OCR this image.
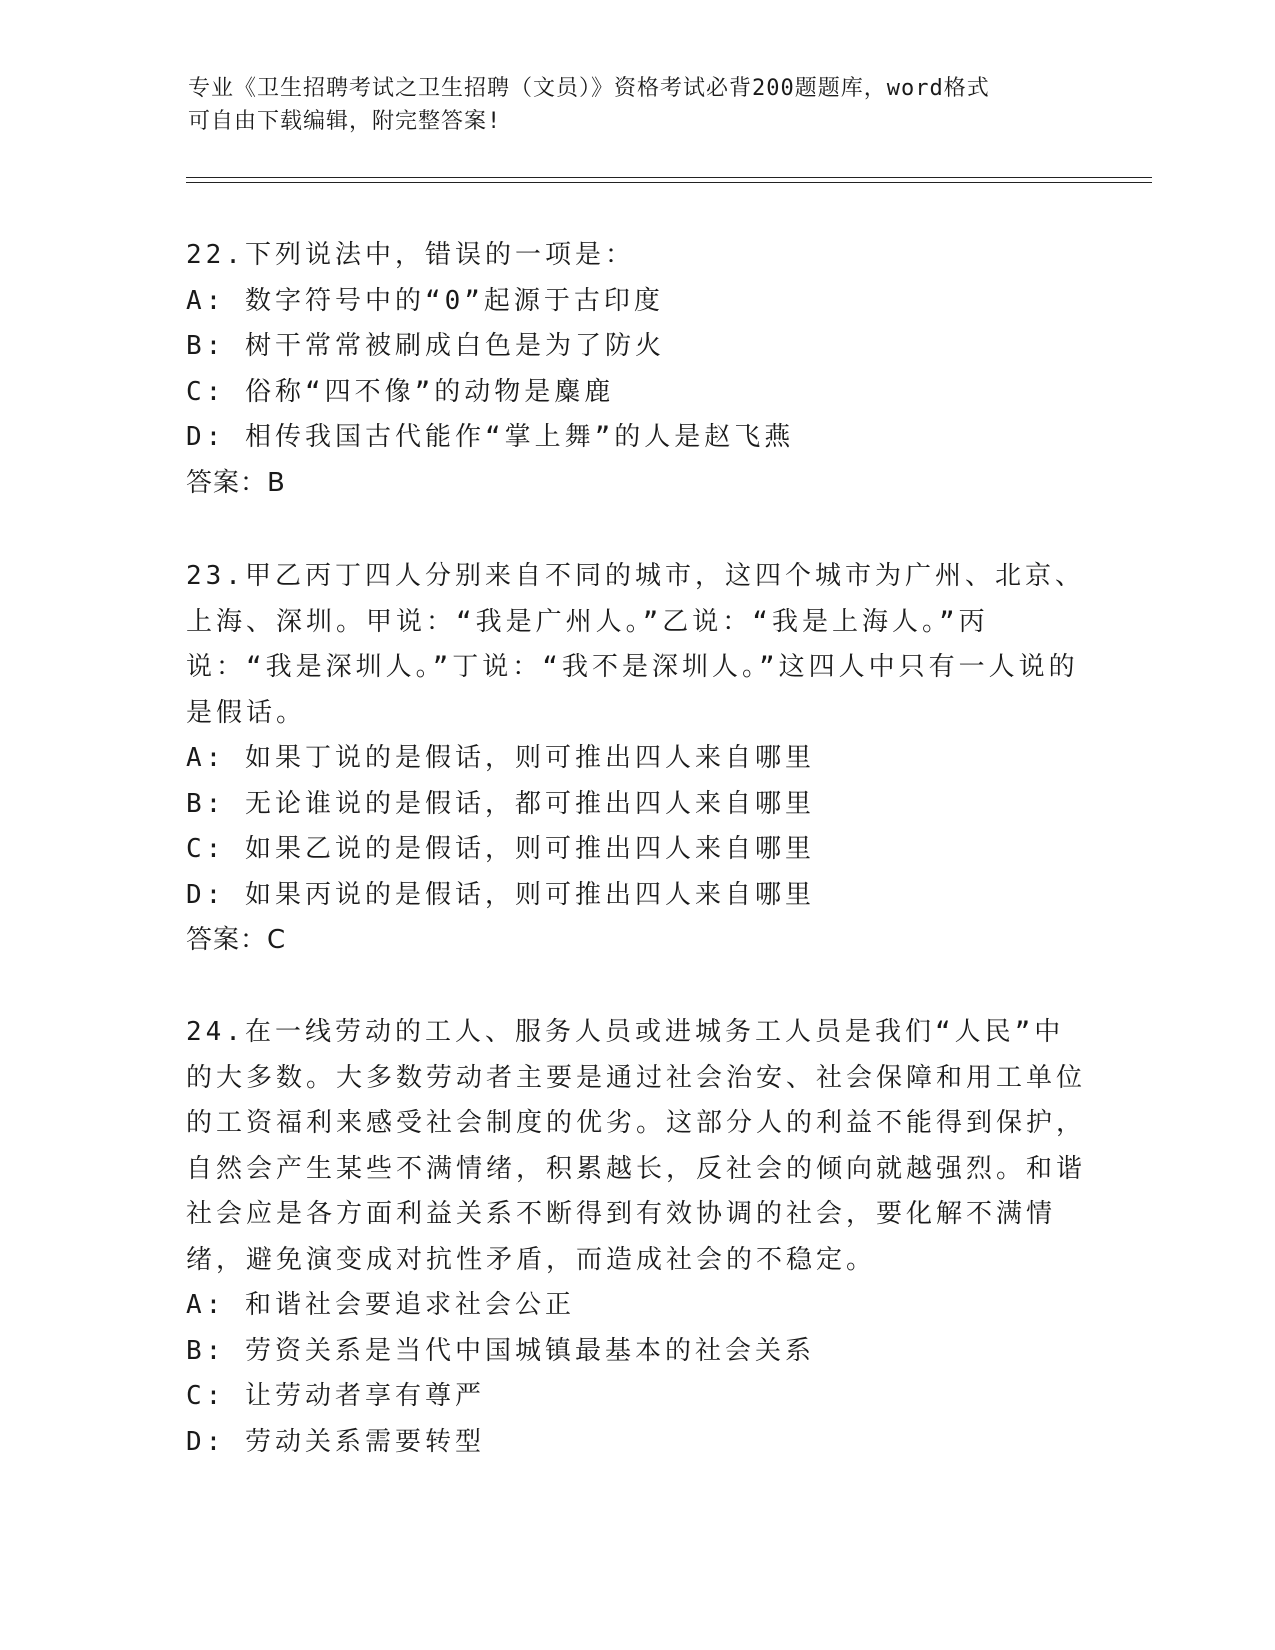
专业《卫生招聘考试之卫生招聘（文员）》资格考试必背200题题库，word格式
可自由下载编辑，附完整答案!

22.下列说法中，错误的一项是：

A: 数字符号中的“0”起源于古印度

B: 树干常常被刷成白色是为了防火

C: 俗称“四不像”的动物是麋鹿

D: 相传我国古代能作“掌上舞”的人是赵飞燕

答案：B

23.甲乙丙丁四人分别来自不同的城市，这四个城市为广州、北京、上海、深圳。甲说：“我是广州人。”乙说：“我是上海人。”丙说：“我是深圳人。”丁说：“我不是深圳人。”这四人中只有一人说的是假话。

A: 如果丁说的是假话，则可推出四人来自哪里

B: 无论谁说的是假话，都可推出四人来自哪里

C: 如果乙说的是假话，则可推出四人来自哪里

D: 如果丙说的是假话，则可推出四人来自哪里

答案：C

24.在一线劳动的工人、服务人员或进城务工人员是我们“人民”中的大多数。大多数劳动者主要是通过社会治安、社会保障和用工单位的工资福利来感受社会制度的优劣。这部分人的利益不能得到保护，自然会产生某些不满情绪，积累越长，反社会的倾向就越强烈。和谐社会应是各方面利益关系不断得到有效协调的社会，要化解不满情绪，避免演变成对抗性矛盾，而造成社会的不稳定。

A: 和谐社会要追求社会公正

B: 劳资关系是当代中国城镇最基本的社会关系

C: 让劳动者享有尊严

D: 劳动关系需要转型
